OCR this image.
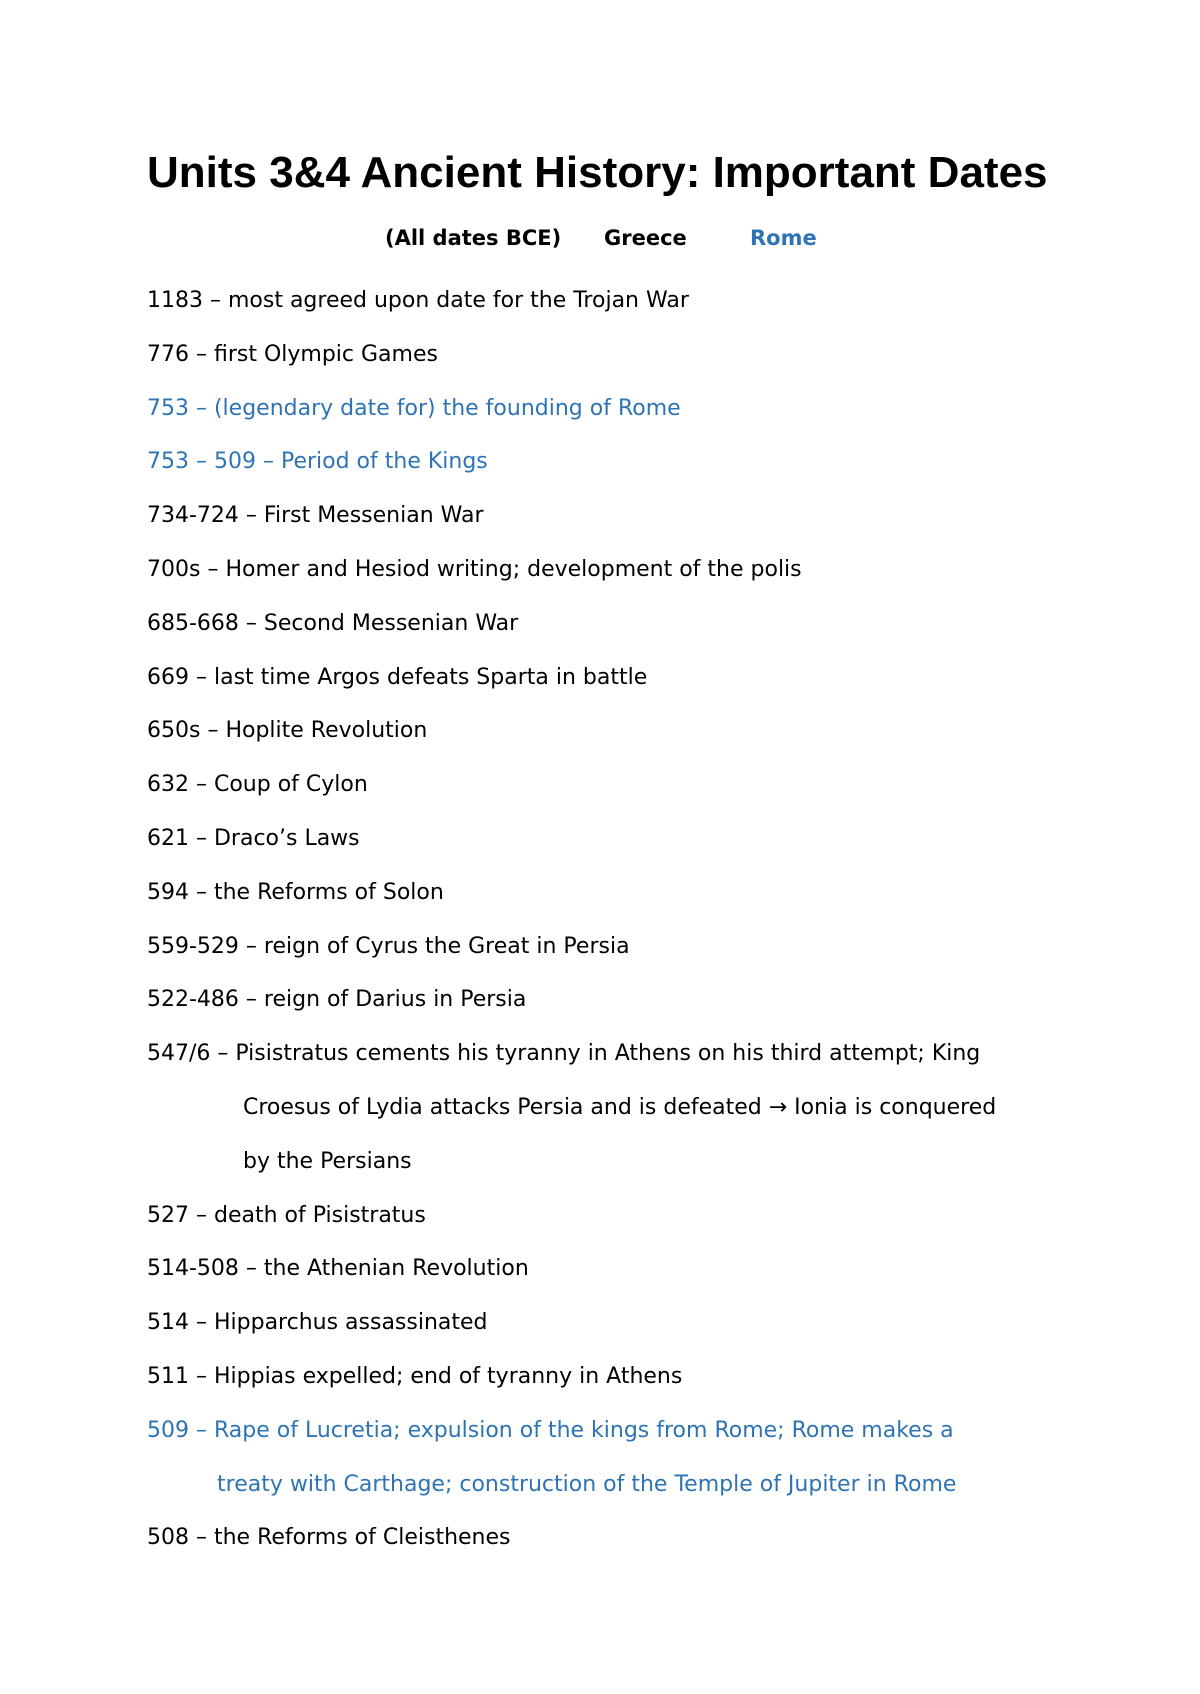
Units 3&4 Ancient History: Important Dates
(All dates BCE) Greece	Rome
1183 – most agreed upon date for the Trojan War
776 – first Olympic Games
753 – (legendary date for) the founding of Rome
753 – 509 – Period of the Kings
734-724 – First Messenian War
700s – Homer and Hesiod writing; development of the polis
685-668 – Second Messenian War
669 – last time Argos defeats Sparta in battle
650s – Hoplite Revolution
632 – Coup of Cylon
621 – Draco’s Laws
594 – the Reforms of Solon
559-529 – reign of Cyrus the Great in Persia
522-486 – reign of Darius in Persia
547/6 – Pisistratus cements his tyranny in Athens on his third attempt; King
Croesus of Lydia attacks Persia and is defeated → Ionia is conquered
by the Persians
527 – death of Pisistratus
514-508 – the Athenian Revolution
514 – Hipparchus assassinated
511 – Hippias expelled; end of tyranny in Athens
509 – Rape of Lucretia; expulsion of the kings from Rome; Rome makes a
treaty with Carthage; construction of the Temple of Jupiter in Rome
508 – the Reforms of Cleisthenes
